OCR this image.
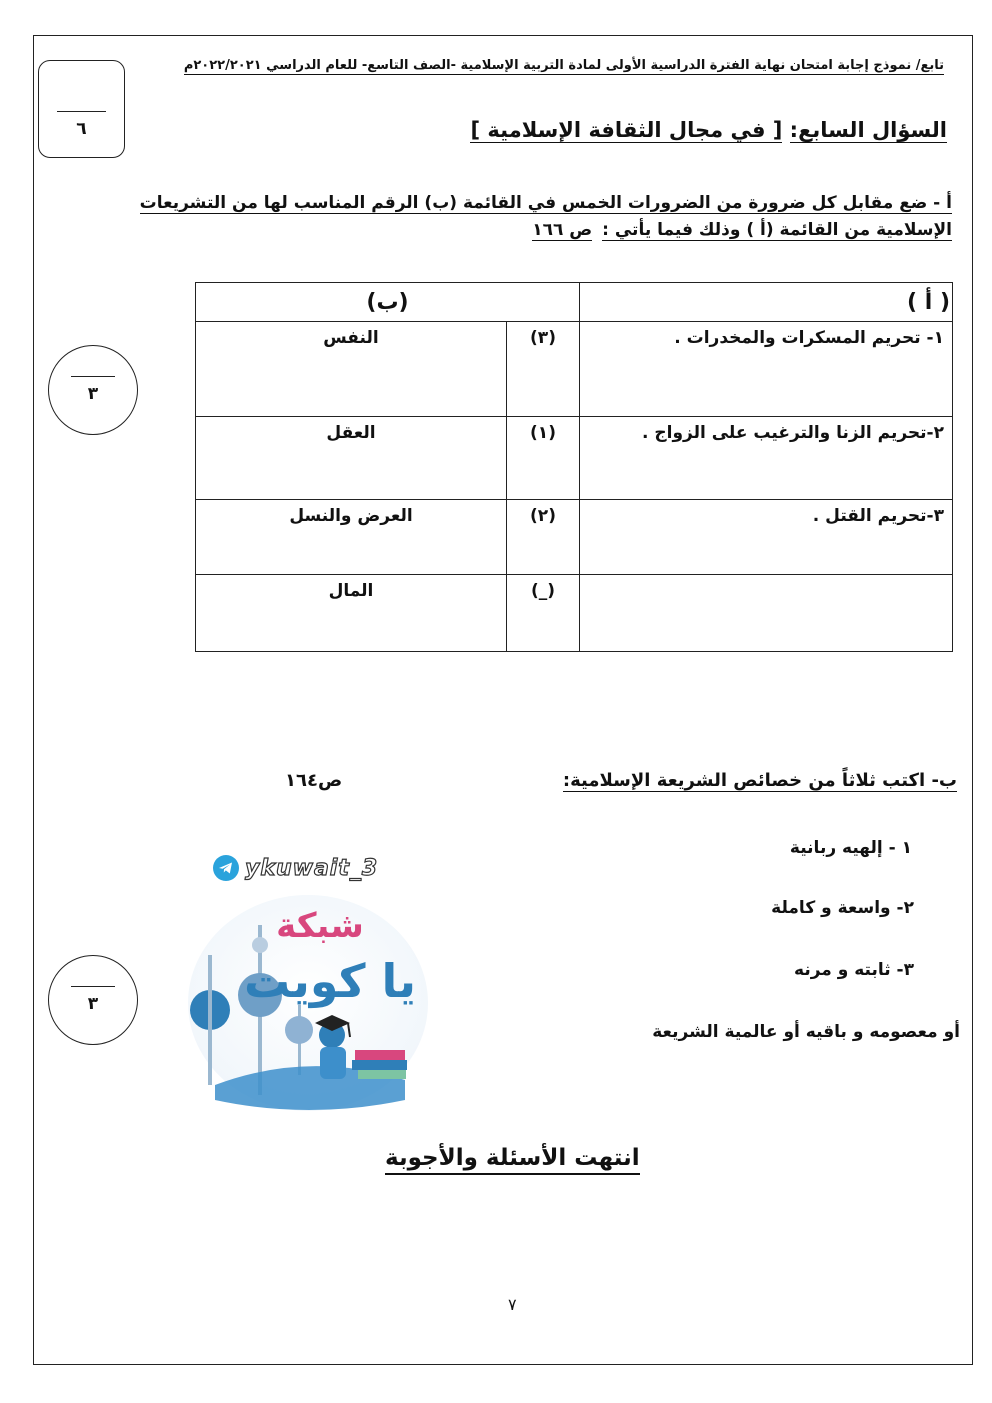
تابع/ نموذج إجابة امتحان نهاية الفترة الدراسية الأولى لمادة التربية الإسلامية -الصف التاسع- للعام الدراسي ٢٠٢٢/٢٠٢١م
٦	السؤال السابع: [ في مجال الثقافة الإسلامية ]
أ - ضع مقابل كل ضرورة من الضرورات الخمس في القائمة (ب) الرقم المناسب لها من التشريعات
الإسلامية من القائمة (أ ) وذلك فيما يأتي :ص ١٦٦
٣
( أ )	(ب)	
١- تحريم المسكرات والمخدرات .	(٣)	النفس
٢-تحريم الزنا والترغيب على الزواج .	(١)	العقل
٣-تحريم القتل .	(٢)	العرض والنسل
	(_)	المال
ب- اكتب ثلاثاً من خصائص الشريعة الإسلامية:
ص١٦٤
١ - إلهيه ربانية
٢- واسعة و كاملة
٣- ثابته و مرنه
أو معصومه و باقيه أو عالمية الشريعة
٣
ykuwait_3
شبكة
يا كويت
انتهت الأسئلة والأجوبة
٧
